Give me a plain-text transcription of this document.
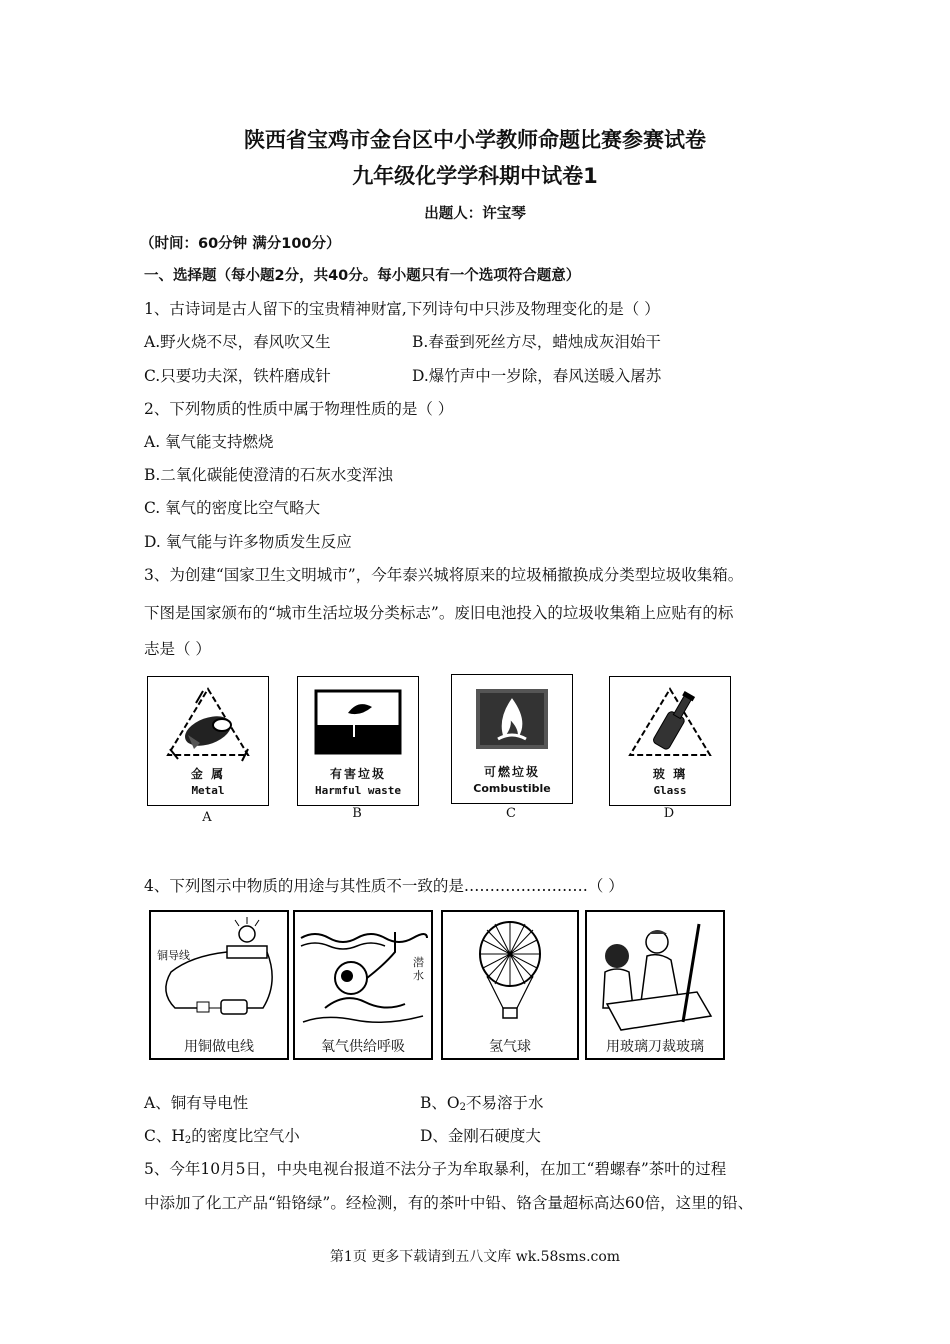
陕西省宝鸡市金台区中小学教师命题比赛参赛试卷
九年级化学学科期中试卷1
出题人：许宝琴
（时间：60分钟 满分100分）
一、选择题（每小题2分，共40分。每小题只有一个选项符合题意）
1、古诗词是古人留下的宝贵精神财富,下列诗句中只涉及物理变化的是（ ）
A.野火烧不尽，春风吹又生	B.春蚕到死丝方尽，蜡烛成灰泪始干
C.只要功夫深，铁杵磨成针	D.爆竹声中一岁除，春风送暖入屠苏
2、下列物质的性质中属于物理性质的是（ ）
A. 氧气能支持燃烧
B.二氧化碳能使澄清的石灰水变浑浊
C. 氧气的密度比空气略大
D. 氧气能与许多物质发生反应
3、为创建“国家卫生文明城市”，今年泰兴城将原来的垃圾桶撤换成分类型垃圾收集箱。
下图是国家颁布的“城市生活垃圾分类标志”。废旧电池投入的垃圾收集箱上应贴有的标
志是（ ）
金 属
Metal
A
有害垃圾
Harmful waste
B
可燃垃圾
Combustible
C
玻 璃
Glass
D
4、下列图示中物质的用途与其性质不一致的是……………………（ ）
铜导线
用铜做电线
潜水
氧气供给呼吸	氢气球	用玻璃刀裁玻璃
A、铜有导电性	B、$O_2$不易溶于水
C、$H_2$的密度比空气小	D、金刚石硬度大
5、今年10月5日，中央电视台报道不法分子为牟取暴利，在加工“碧螺春”茶叶的过程
中添加了化工产品“铅铬绿”。经检测，有的茶叶中铅、铬含量超标高达60倍，这里的铅、
第1页 更多下载请到五八文库 wk.58sms.com
